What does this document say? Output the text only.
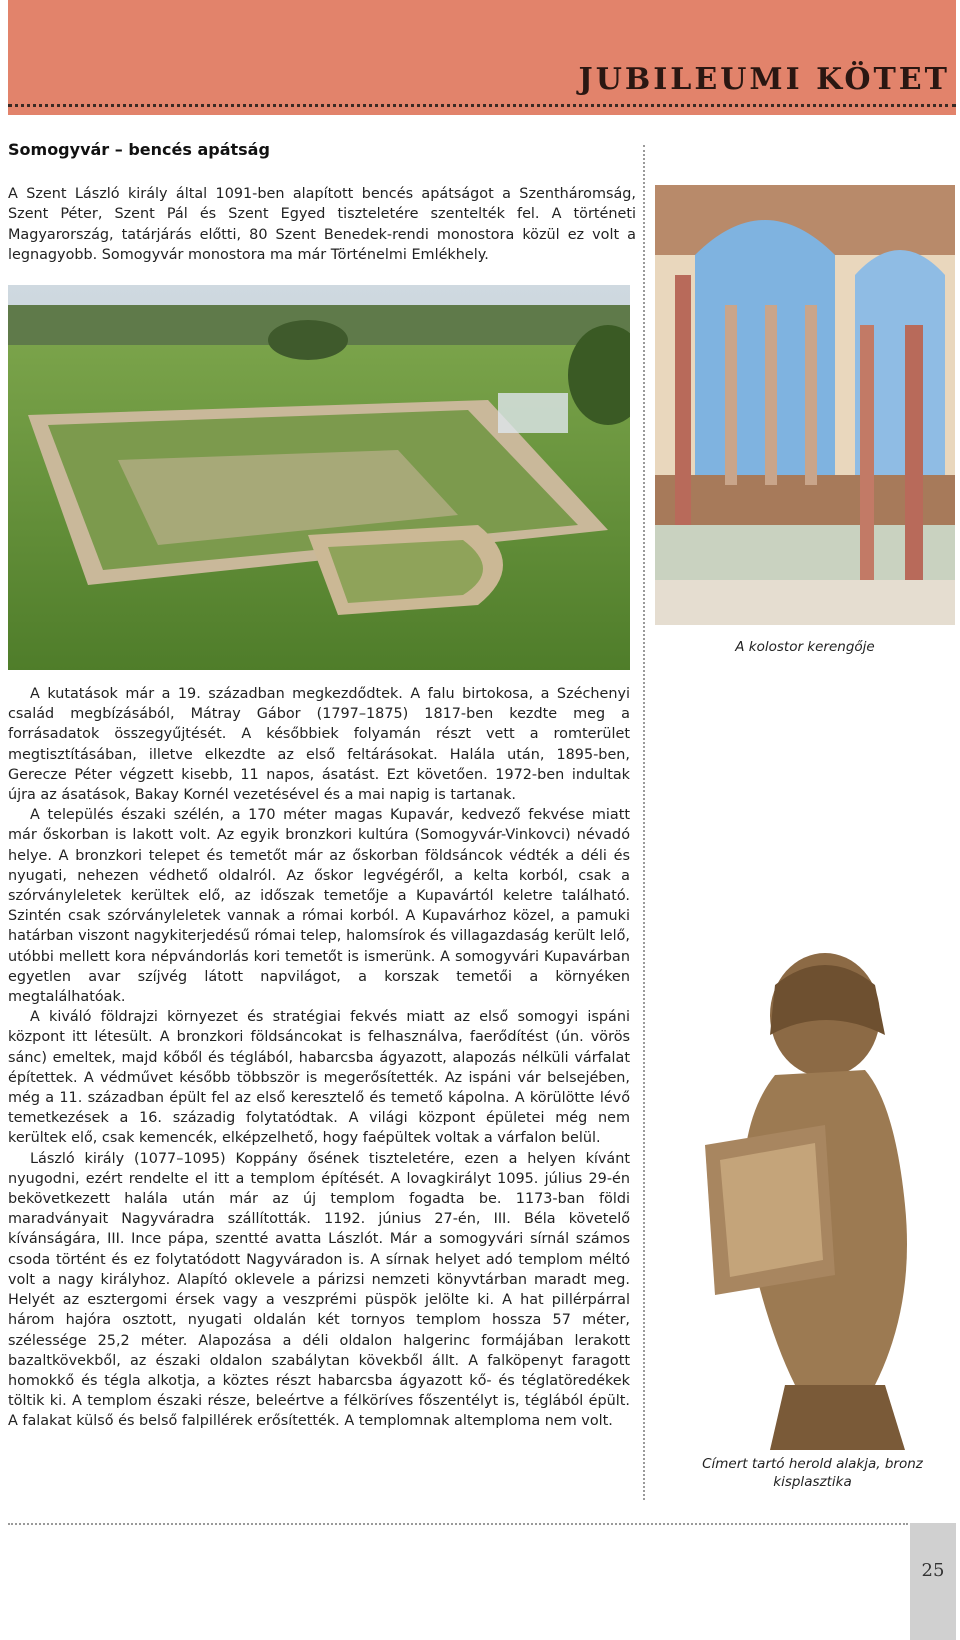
JUBILEUMI KÖTET
Somogyvár – bencés apátság

A Szent László király által 1091-ben alapított bencés apátságot a Szentháromság, Szent Péter, Szent Pál és Szent Egyed tiszteletére szentelték fel. A történeti Magyarország, tatárjárás előtti, 80 Szent Benedek-rendi monostora közül ez volt a legnagyobb. Somogyvár monostora ma már Történelmi Emlékhely.

A kolostor kerengője

A kutatások már a 19. században megkezdődtek. A falu birtokosa, a Széchenyi család megbízásából, Mátray Gábor (1797–1875) 1817-ben kezdte meg a forrásadatok összegyűjtését. A későbbiek folyamán részt vett a romterület megtisztításában, illetve elkezdte az első feltárásokat. Halála után, 1895-ben, Gerecze Péter végzett kisebb, 11 napos, ásatást. Ezt követően. 1972-ben indultak újra az ásatások, Bakay Kornél vezetésével és a mai napig is tartanak.

A település északi szélén, a 170 méter magas Kupavár, kedvező fekvése miatt már őskorban is lakott volt. Az egyik bronzkori kultúra (Somogyvár-Vinkovci) névadó helye. A bronzkori telepet és temetőt már az őskorban földsáncok védték a déli és nyugati, nehezen védhető oldalról. Az őskor legvégéről, a kelta korból, csak a szórványleletek kerültek elő, az időszak temetője a Kupavártól keletre található. Szintén csak szórványleletek vannak a római korból. A Kupavárhoz közel, a pamuki határban viszont nagykiterjedésű római telep, halomsírok és villagazdaság került lelő, utóbbi mellett kora népvándorlás kori temetőt is ismerünk. A somogyvári Kupavárban egyetlen avar szíjvég látott napvilágot, a korszak temetői a környéken megtalálhatóak.

A kiváló földrajzi környezet és stratégiai fekvés miatt az első somogyi ispáni központ itt létesült. A bronzkori földsáncokat is felhasználva, faerődítést (ún. vörös sánc) emeltek, majd kőből és téglából, habarcsba ágyazott, alapozás nélküli várfalat építettek. A védművet később többször is megerősítették. Az ispáni vár belsejében, még a 11. században épült fel az első keresztelő és temető kápolna. A körülötte lévő temetkezések a 16. századig folytatódtak. A világi központ épületei még nem kerültek elő, csak kemencék, elképzelhető, hogy faépültek voltak a várfalon belül.

László király (1077–1095) Koppány ősének tiszteletére, ezen a helyen kívánt nyugodni, ezért rendelte el itt a templom építését. A lovagkirályt 1095. július 29-én bekövetkezett halála után már az új templom fogadta be. 1173-ban földi maradványait Nagyváradra szállították. 1192. június 27-én, III. Béla követelő kívánságára, III. Ince pápa, szentté avatta Lászlót. Már a somogyvári sírnál számos csoda történt és ez folytatódott Nagyváradon is. A sírnak helyet adó templom méltó volt a nagy királyhoz. Alapító oklevele a párizsi nemzeti könyvtárban maradt meg. Helyét az esztergomi érsek vagy a veszprémi püspök jelölte ki. A hat pillérpárral három hajóra osztott, nyugati oldalán két tornyos templom hossza 57 méter, szélessége 25,2 méter. Alapozása a déli oldalon halgerinc formájában lerakott bazaltkövekből, az északi oldalon szabálytan kövekből állt. A falköpenyt faragott homokkő és tégla alkotja, a köztes részt habarcsba ágyazott kő- és téglatöredékek töltik ki. A templom északi része, beleértve a félköríves főszentélyt is, téglából épült. A falakat külső és belső falpillérek erősítették. A templomnak altemploma nem volt.

Címert tartó herold alakja, bronz kisplasztika

25
